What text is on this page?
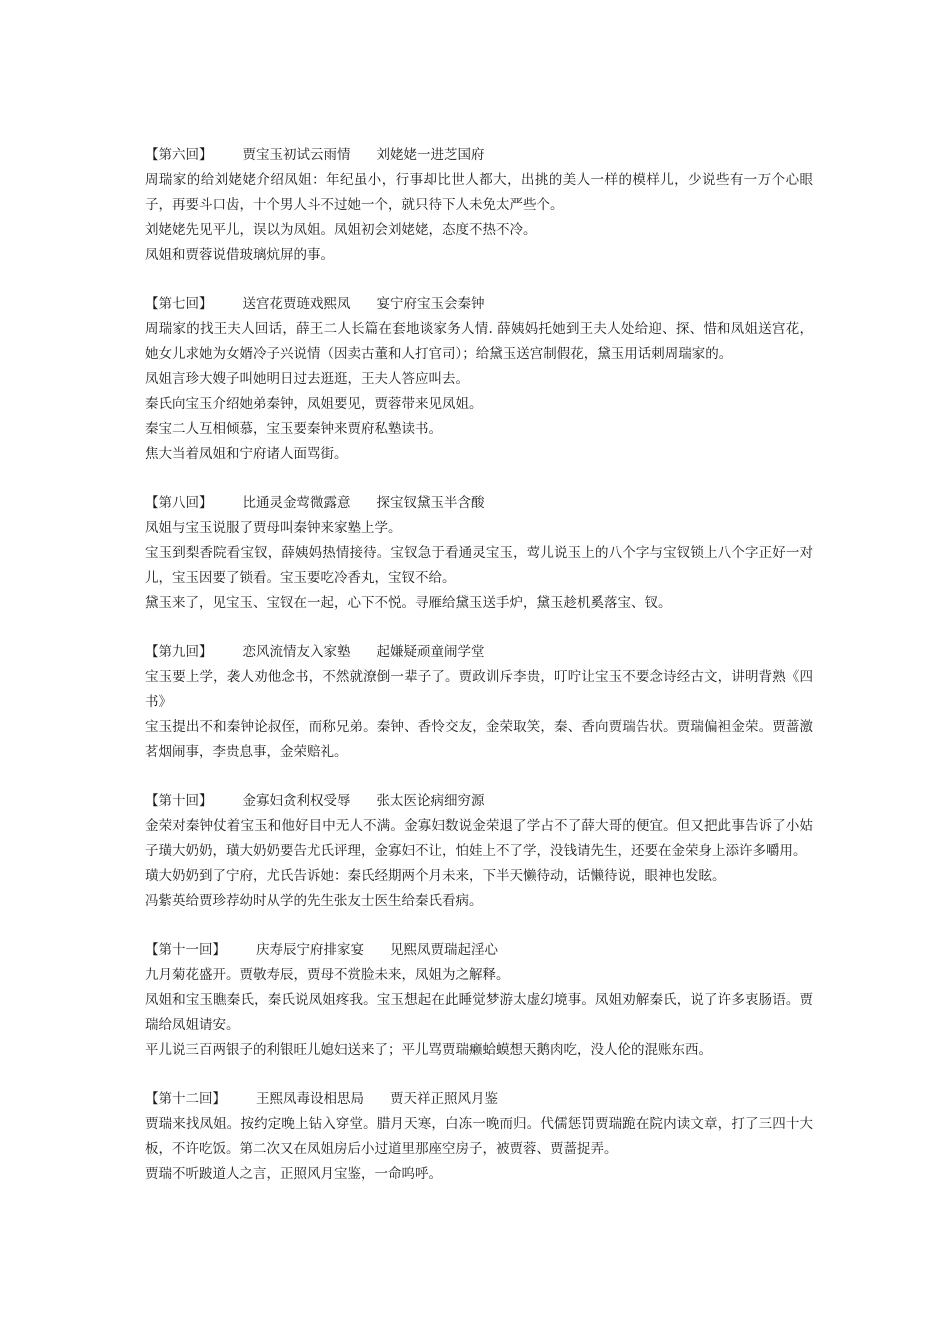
【第六回】 贾宝玉初试云雨情 刘姥姥一进芝国府

周瑞家的给刘姥姥介绍凤姐：年纪虽小，行事却比世人都大，出挑的美人一样的模样儿，少说些有一万个心眼子，再要斗口齿，十个男人斗不过她一个，就只待下人未免太严些个。

刘姥姥先见平儿，误以为凤姐。凤姐初会刘姥姥，态度不热不冷。

凤姐和贾蓉说借玻璃炕屏的事。

【第七回】 送宫花贾琏戏熙凤 宴宁府宝玉会秦钟

周瑞家的找王夫人回话，薛王二人长篇在套地谈家务人情. 薛姨妈托她到王夫人处给迎、探、惜和凤姐送宫花，她女儿求她为女婿冷子兴说情（因卖古董和人打官司）；给黛玉送宫制假花，黛玉用话刺周瑞家的。

凤姐言珍大嫂子叫她明日过去逛逛，王夫人答应叫去。

秦氏向宝玉介绍她弟秦钟，凤姐要见，贾蓉带来见凤姐。

秦宝二人互相倾慕，宝玉要秦钟来贾府私塾读书。

焦大当着凤姐和宁府诸人面骂街。

【第八回】 比通灵金莺微露意 探宝钗黛玉半含酸

凤姐与宝玉说服了贾母叫秦钟来家塾上学。

宝玉到梨香院看宝钗，薛姨妈热情接待。宝钗急于看通灵宝玉，莺儿说玉上的八个字与宝钗锁上八个字正好一对儿，宝玉因要了锁看。宝玉要吃冷香丸，宝钗不给。

黛玉来了，见宝玉、宝钗在一起，心下不悦。寻雁给黛玉送手炉，黛玉趁机奚落宝、钗。

【第九回】 恋风流情友入家塾 起嫌疑顽童闹学堂

宝玉要上学，袭人劝他念书，不然就潦倒一辈子了。贾政训斥李贵，叮咛让宝玉不要念诗经古文，讲明背熟《四书》

宝玉提出不和秦钟论叔侄，而称兄弟。秦钟、香怜交友，金荣取笑，秦、香向贾瑞告状。贾瑞偏袒金荣。贾蔷激茗烟闹事，李贵息事，金荣赔礼。

【第十回】 金寡妇贪利权受辱 张太医论病细穷源

金荣对秦钟仗着宝玉和他好目中无人不满。金寡妇数说金荣退了学占不了薛大哥的便宜。但又把此事告诉了小姑子璜大奶奶，璜大奶奶要告尤氏评理，金寡妇不让，怕娃上不了学，没钱请先生，还要在金荣身上添许多嚼用。

璜大奶奶到了宁府，尤氏告诉她：秦氏经期两个月未来，下半天懒待动，话懒待说，眼神也发眩。

冯紫英给贾珍荐幼时从学的先生张友士医生给秦氏看病。

【第十一回】 庆寿辰宁府排家宴 见熙凤贾瑞起淫心

九月菊花盛开。贾敬寿辰，贾母不赏脸未来，凤姐为之解释。

凤姐和宝玉瞧秦氏，秦氏说凤姐疼我。宝玉想起在此睡觉梦游太虚幻境事。凤姐劝解秦氏，说了许多衷肠语。贾瑞给凤姐请安。

平儿说三百两银子的利银旺儿媳妇送来了；平儿骂贾瑞癞蛤蟆想天鹅肉吃，没人伦的混账东西。

【第十二回】 王熙凤毒设相思局 贾天祥正照风月鉴

贾瑞来找凤姐。按约定晚上钻入穿堂。腊月天寒，白冻一晚而归。代儒惩罚贾瑞跪在院内读文章，打了三四十大板，不许吃饭。第二次又在凤姐房后小过道里那座空房子，被贾蓉、贾蔷捉弄。

贾瑞不听跛道人之言，正照风月宝鉴，一命呜呼。
